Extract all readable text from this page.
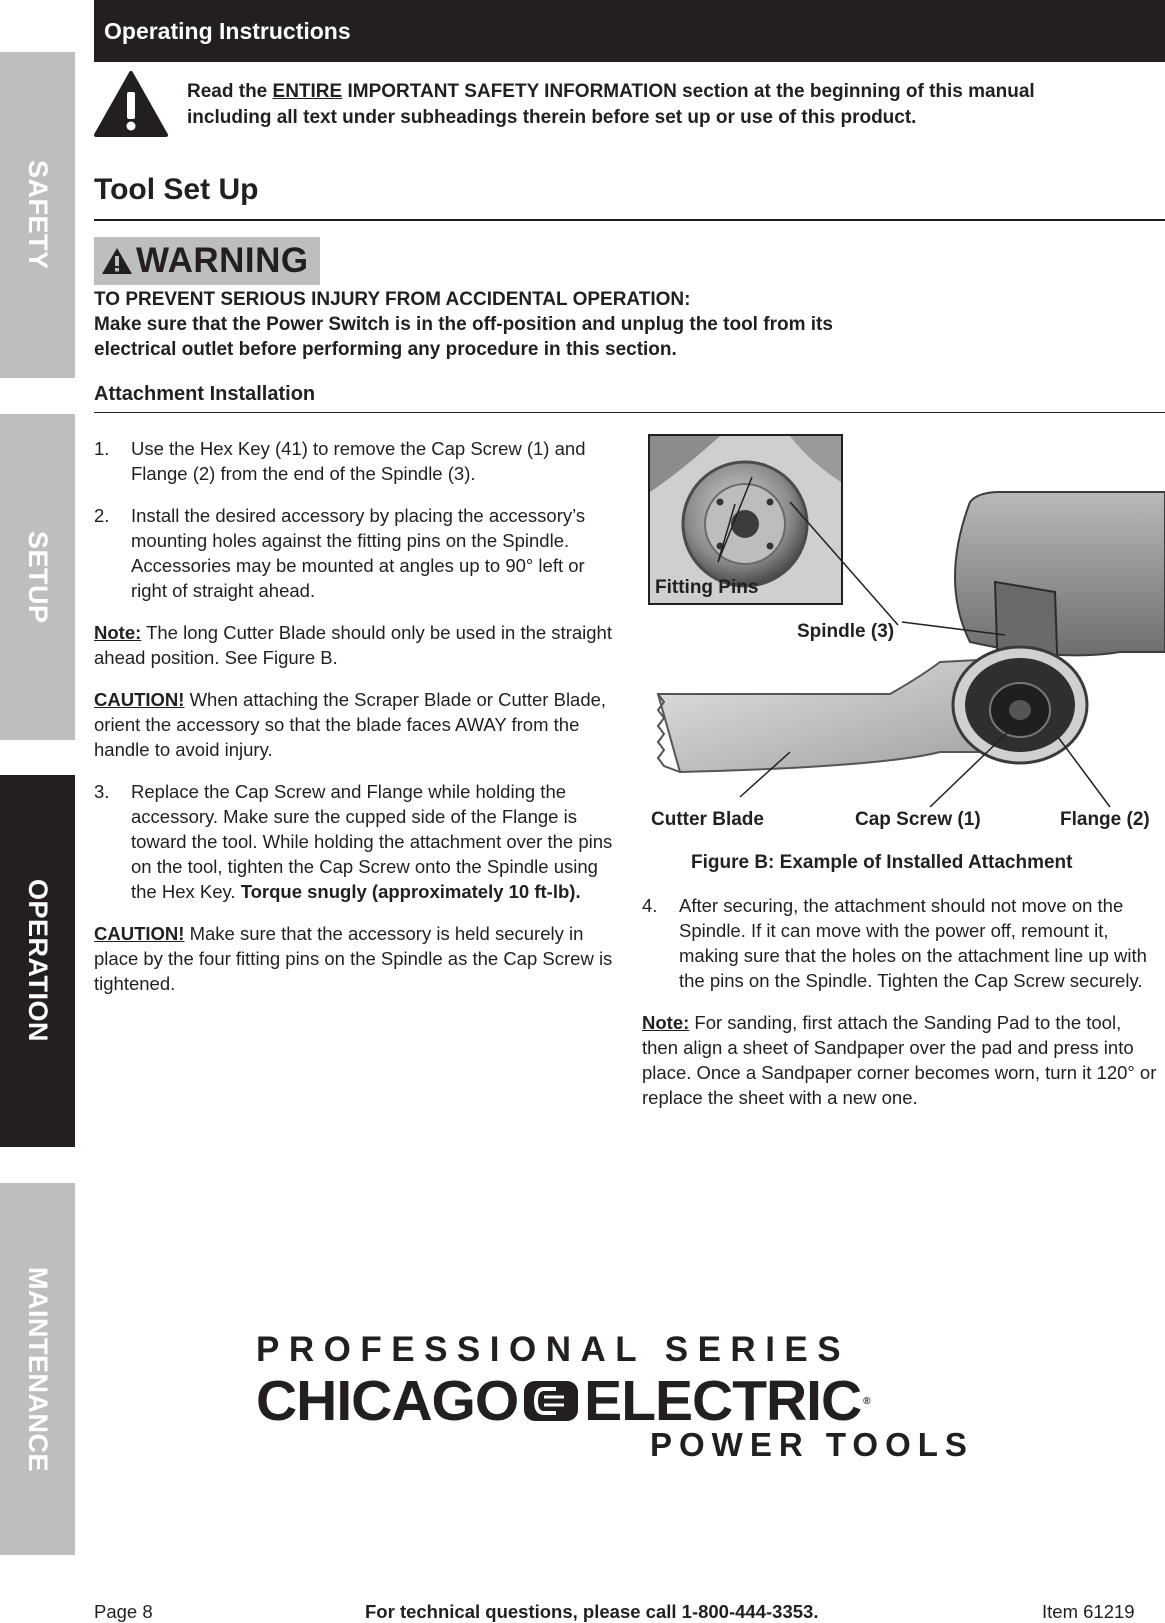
SAFETY
SETUP
OPERATION
MAINTENANCE
Operating Instructions
Read the ENTIRE IMPORTANT SAFETY INFORMATION section at the beginning of this manual including all text under subheadings therein before set up or use of this product.
Tool Set Up
WARNING
TO PREVENT SERIOUS INJURY FROM ACCIDENTAL OPERATION:
Make sure that the Power Switch is in the off-position and unplug the tool from its electrical outlet before performing any procedure in this section.
Attachment Installation
1.	Use the Hex Key (41) to remove the Cap Screw (1) and Flange (2) from the end of the Spindle (3).
2.	Install the desired accessory by placing the accessory’s mounting holes against the fitting pins on the Spindle. Accessories may be mounted at angles up to 90° left or right of straight ahead.
Note: The long Cutter Blade should only be used in the straight ahead position. See Figure B.
CAUTION! When attaching the Scraper Blade or Cutter Blade, orient the accessory so that the blade faces AWAY from the handle to avoid injury.
3.	Replace the Cap Screw and Flange while holding the accessory. Make sure the cupped side of the Flange is toward the tool. While holding the attachment over the pins on the tool, tighten the Cap Screw onto the Spindle using the Hex Key. Torque snugly (approximately 10 ft-lb).
CAUTION! Make sure that the accessory is held securely in place by the four fitting pins on the Spindle as the Cap Screw is tightened.
Fitting Pins
Spindle (3)
Cutter Blade	Cap Screw (1)	Flange (2)
Figure B: Example of Installed Attachment
4.	After securing, the attachment should not move on the Spindle. If it can move with the power off, remount it, making sure that the holes on the attachment line up with the pins on the Spindle. Tighten the Cap Screw securely.
Note: For sanding, first attach the Sanding Pad to the tool, then align a sheet of Sandpaper over the pad and press into place. Once a Sandpaper corner becomes worn, turn it 120° or replace the sheet with a new one.
PROFESSIONAL SERIES
CHICAGO ELECTRIC ®
POWER TOOLS
Page 8	For technical questions, please call 1-800-444-3353.	Item 61219
